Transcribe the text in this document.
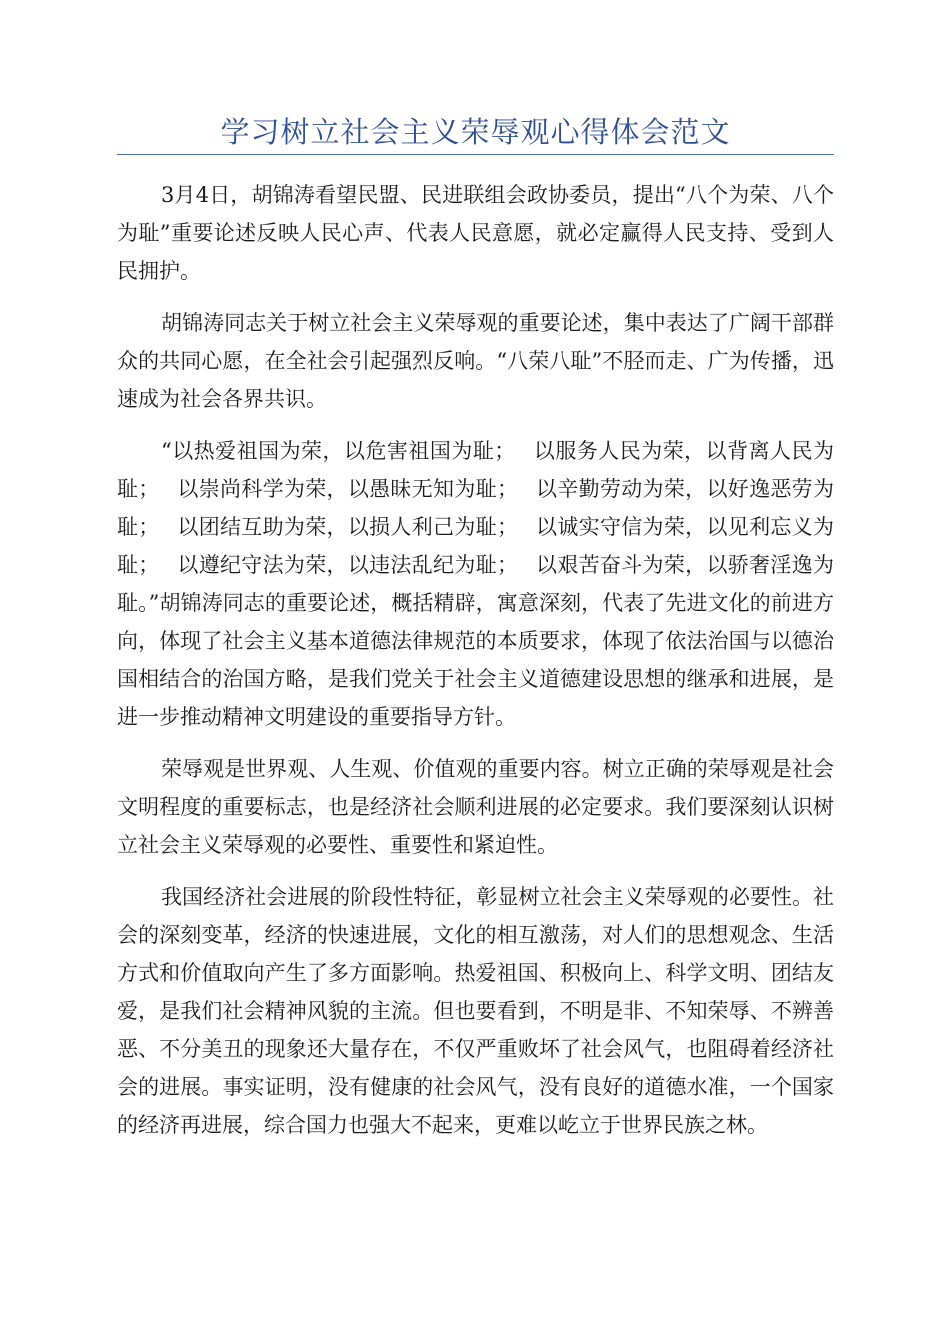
学习树立社会主义荣辱观心得体会范文

3月4日，胡锦涛看望民盟、民进联组会政协委员，提出“八个为荣、八个为耻”重要论述反映人民心声、代表人民意愿，就必定赢得人民支持、受到人民拥护。

胡锦涛同志关于树立社会主义荣辱观的重要论述，集中表达了广阔干部群众的共同心愿，在全社会引起强烈反响。“八荣八耻”不胫而走、广为传播，迅速成为社会各界共识。

“以热爱祖国为荣，以危害祖国为耻；　 以服务人民为荣，以背离人民为耻；　 以崇尚科学为荣，以愚昧无知为耻；　 以辛勤劳动为荣，以好逸恶劳为耻；　 以团结互助为荣，以损人利己为耻；　 以诚实守信为荣，以见利忘义为耻；　 以遵纪守法为荣，以违法乱纪为耻；　 以艰苦奋斗为荣，以骄奢淫逸为耻。”胡锦涛同志的重要论述，概括精辟，寓意深刻，代表了先进文化的前进方向，体现了社会主义基本道德法律规范的本质要求，体现了依法治国与以德治国相结合的治国方略，是我们党关于社会主义道德建设思想的继承和进展，是进一步推动精神文明建设的重要指导方针。

荣辱观是世界观、人生观、价值观的重要内容。树立正确的荣辱观是社会文明程度的重要标志，也是经济社会顺利进展的必定要求。我们要深刻认识树立社会主义荣辱观的必要性、重要性和紧迫性。

我国经济社会进展的阶段性特征，彰显树立社会主义荣辱观的必要性。社会的深刻变革，经济的快速进展，文化的相互激荡，对人们的思想观念、生活方式和价值取向产生了多方面影响。热爱祖国、积极向上、科学文明、团结友爱，是我们社会精神风貌的主流。但也要看到，不明是非、不知荣辱、不辨善恶、不分美丑的现象还大量存在，不仅严重败坏了社会风气，也阻碍着经济社会的进展。事实证明，没有健康的社会风气，没有良好的道德水准，一个国家的经济再进展，综合国力也强大不起来，更难以屹立于世界民族之林。
